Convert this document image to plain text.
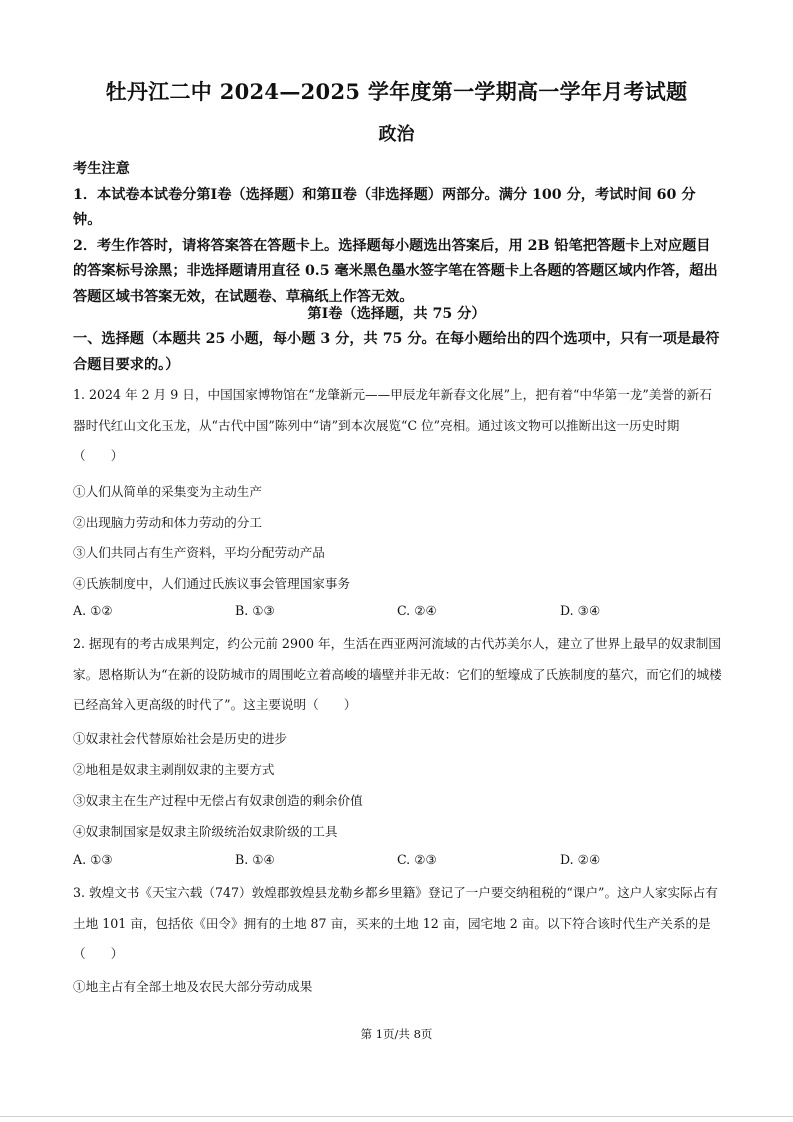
牡丹江二中 2024—2025 学年度第一学期高一学年月考试题
政治

考生注意

1．本试卷本试卷分第Ⅰ卷（选择题）和第Ⅱ卷（非选择题）两部分。满分 100 分，考试时间 60 分钟。

2．考生作答时，请将答案答在答题卡上。选择题每小题选出答案后，用 2B 铅笔把答题卡上对应题目的答案标号涂黑；非选择题请用直径 0.5 毫米黑色墨水签字笔在答题卡上各题的答题区域内作答，超出答题区域书答案无效，在试题卷、草稿纸上作答无效。

第Ⅰ卷（选择题，共 75 分）
一、选择题（本题共 25 小题，每小题 3 分，共 75 分。在每小题给出的四个选项中，只有一项是最符合题目要求的。）
1. 2024 年 2 月 9 日，中国国家博物馆在“龙肇新元——甲辰龙年新春文化展”上，把有着“中华第一龙”美誉的新石器时代红山文化玉龙，从“古代中国”陈列中“请”到本次展览“C 位”亮相。通过该文物可以推断出这一历史时期（　　）
①人们从简单的采集变为主动生产
②出现脑力劳动和体力劳动的分工
③人们共同占有生产资料，平均分配劳动产品
④氏族制度中，人们通过氏族议事会管理国家事务
A. ①②	B. ①③	C. ②④	D. ③④
2. 据现有的考古成果判定，约公元前 2900 年，生活在西亚两河流域的古代苏美尔人，建立了世界上最早的奴隶制国家。恩格斯认为“在新的设防城市的周围屹立着高峻的墙壁并非无故：它们的堑壕成了氏族制度的墓穴，而它们的城楼已经高耸入更高级的时代了”。这主要说明（　　）
①奴隶社会代替原始社会是历史的进步
②地租是奴隶主剥削奴隶的主要方式
③奴隶主在生产过程中无偿占有奴隶创造的剩余价值
④奴隶制国家是奴隶主阶级统治奴隶阶级的工具
A. ①③	B. ①④	C. ②③	D. ②④
3. 敦煌文书《天宝六载（747）敦煌郡敦煌县龙勒乡都乡里籍》登记了一户要交纳租税的“课户”。这户人家实际占有土地 101 亩，包括依《田令》拥有的土地 87 亩，买来的土地 12 亩，园宅地 2 亩。以下符合该时代生产关系的是（　　）
①地主占有全部土地及农民大部分劳动成果
第 1页/共 8页
